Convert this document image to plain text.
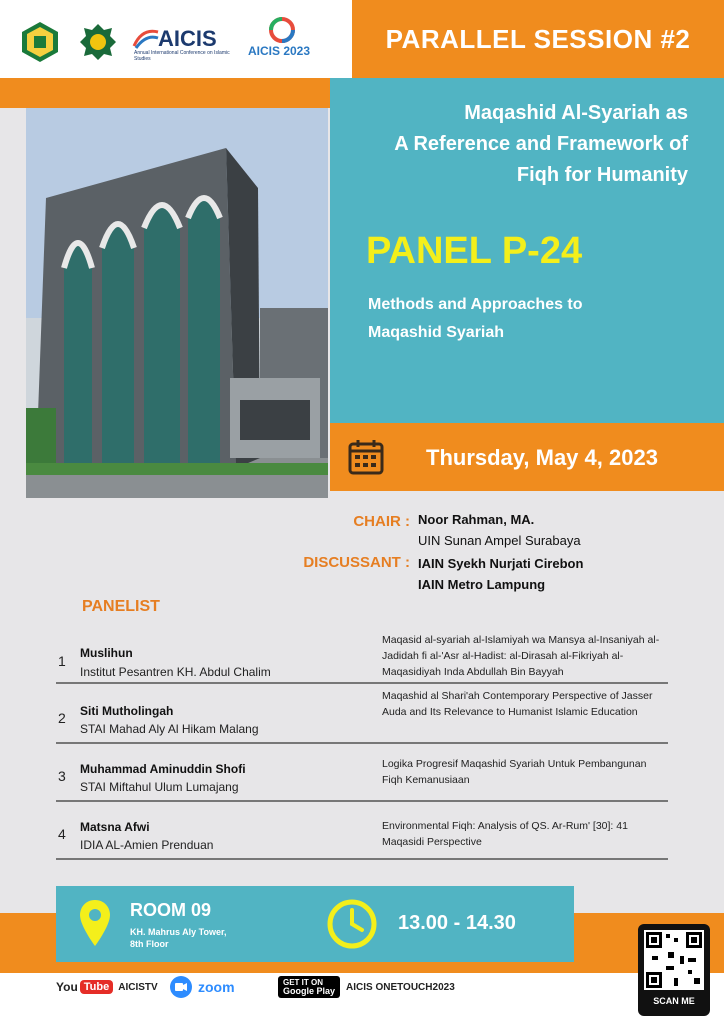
AICIS
Annual International Conference on Islamic Studies
AICIS 2023	PARALLEL SESSION #2
Maqashid Al-Syariah as
A Reference and Framework of
Fiqh for Humanity
PANEL P-24
Methods and Approaches to
Maqashid Syariah
Thursday, May 4, 2023
CHAIR : Noor Rahman, MA.
UIN Sunan Ampel Surabaya
DISCUSSANT : IAIN Syekh Nurjati Cirebon
IAIN Metro Lampung
PANELIST
1 Muslihun
Institut Pesantren KH. Abdul Chalim
Maqasid al-syariah al-Islamiyah wa Mansya al-Insaniyah al- Jadidah fi al-'Asr al-Hadist: al-Dirasah al-Fikriyah al-Maqasidiyah Inda Abdullah Bin Bayyah
2 Siti Mutholingah
STAI Mahad Aly Al Hikam Malang
Maqashid al Shari'ah Contemporary Perspective of Jasser Auda and Its Relevance to Humanist Islamic Education
3 Muhammad Aminuddin Shofi
STAI Miftahul Ulum Lumajang
Logika Progresif Maqashid Syariah Untuk Pembangunan Fiqh Kemanusiaan
4 Matsna Afwi
IDIA AL-Amien Prenduan
Environmental Fiqh: Analysis of QS. Ar-Rum' [30]: 41 Maqasidi Perspective
ROOM 09
KH. Mahrus Aly Tower,
8th Floor
13.00 - 14.30
You Tube AICISTV	zoom	GET IT ON
Google Play AICIS ONETOUCH2023
SCAN ME
